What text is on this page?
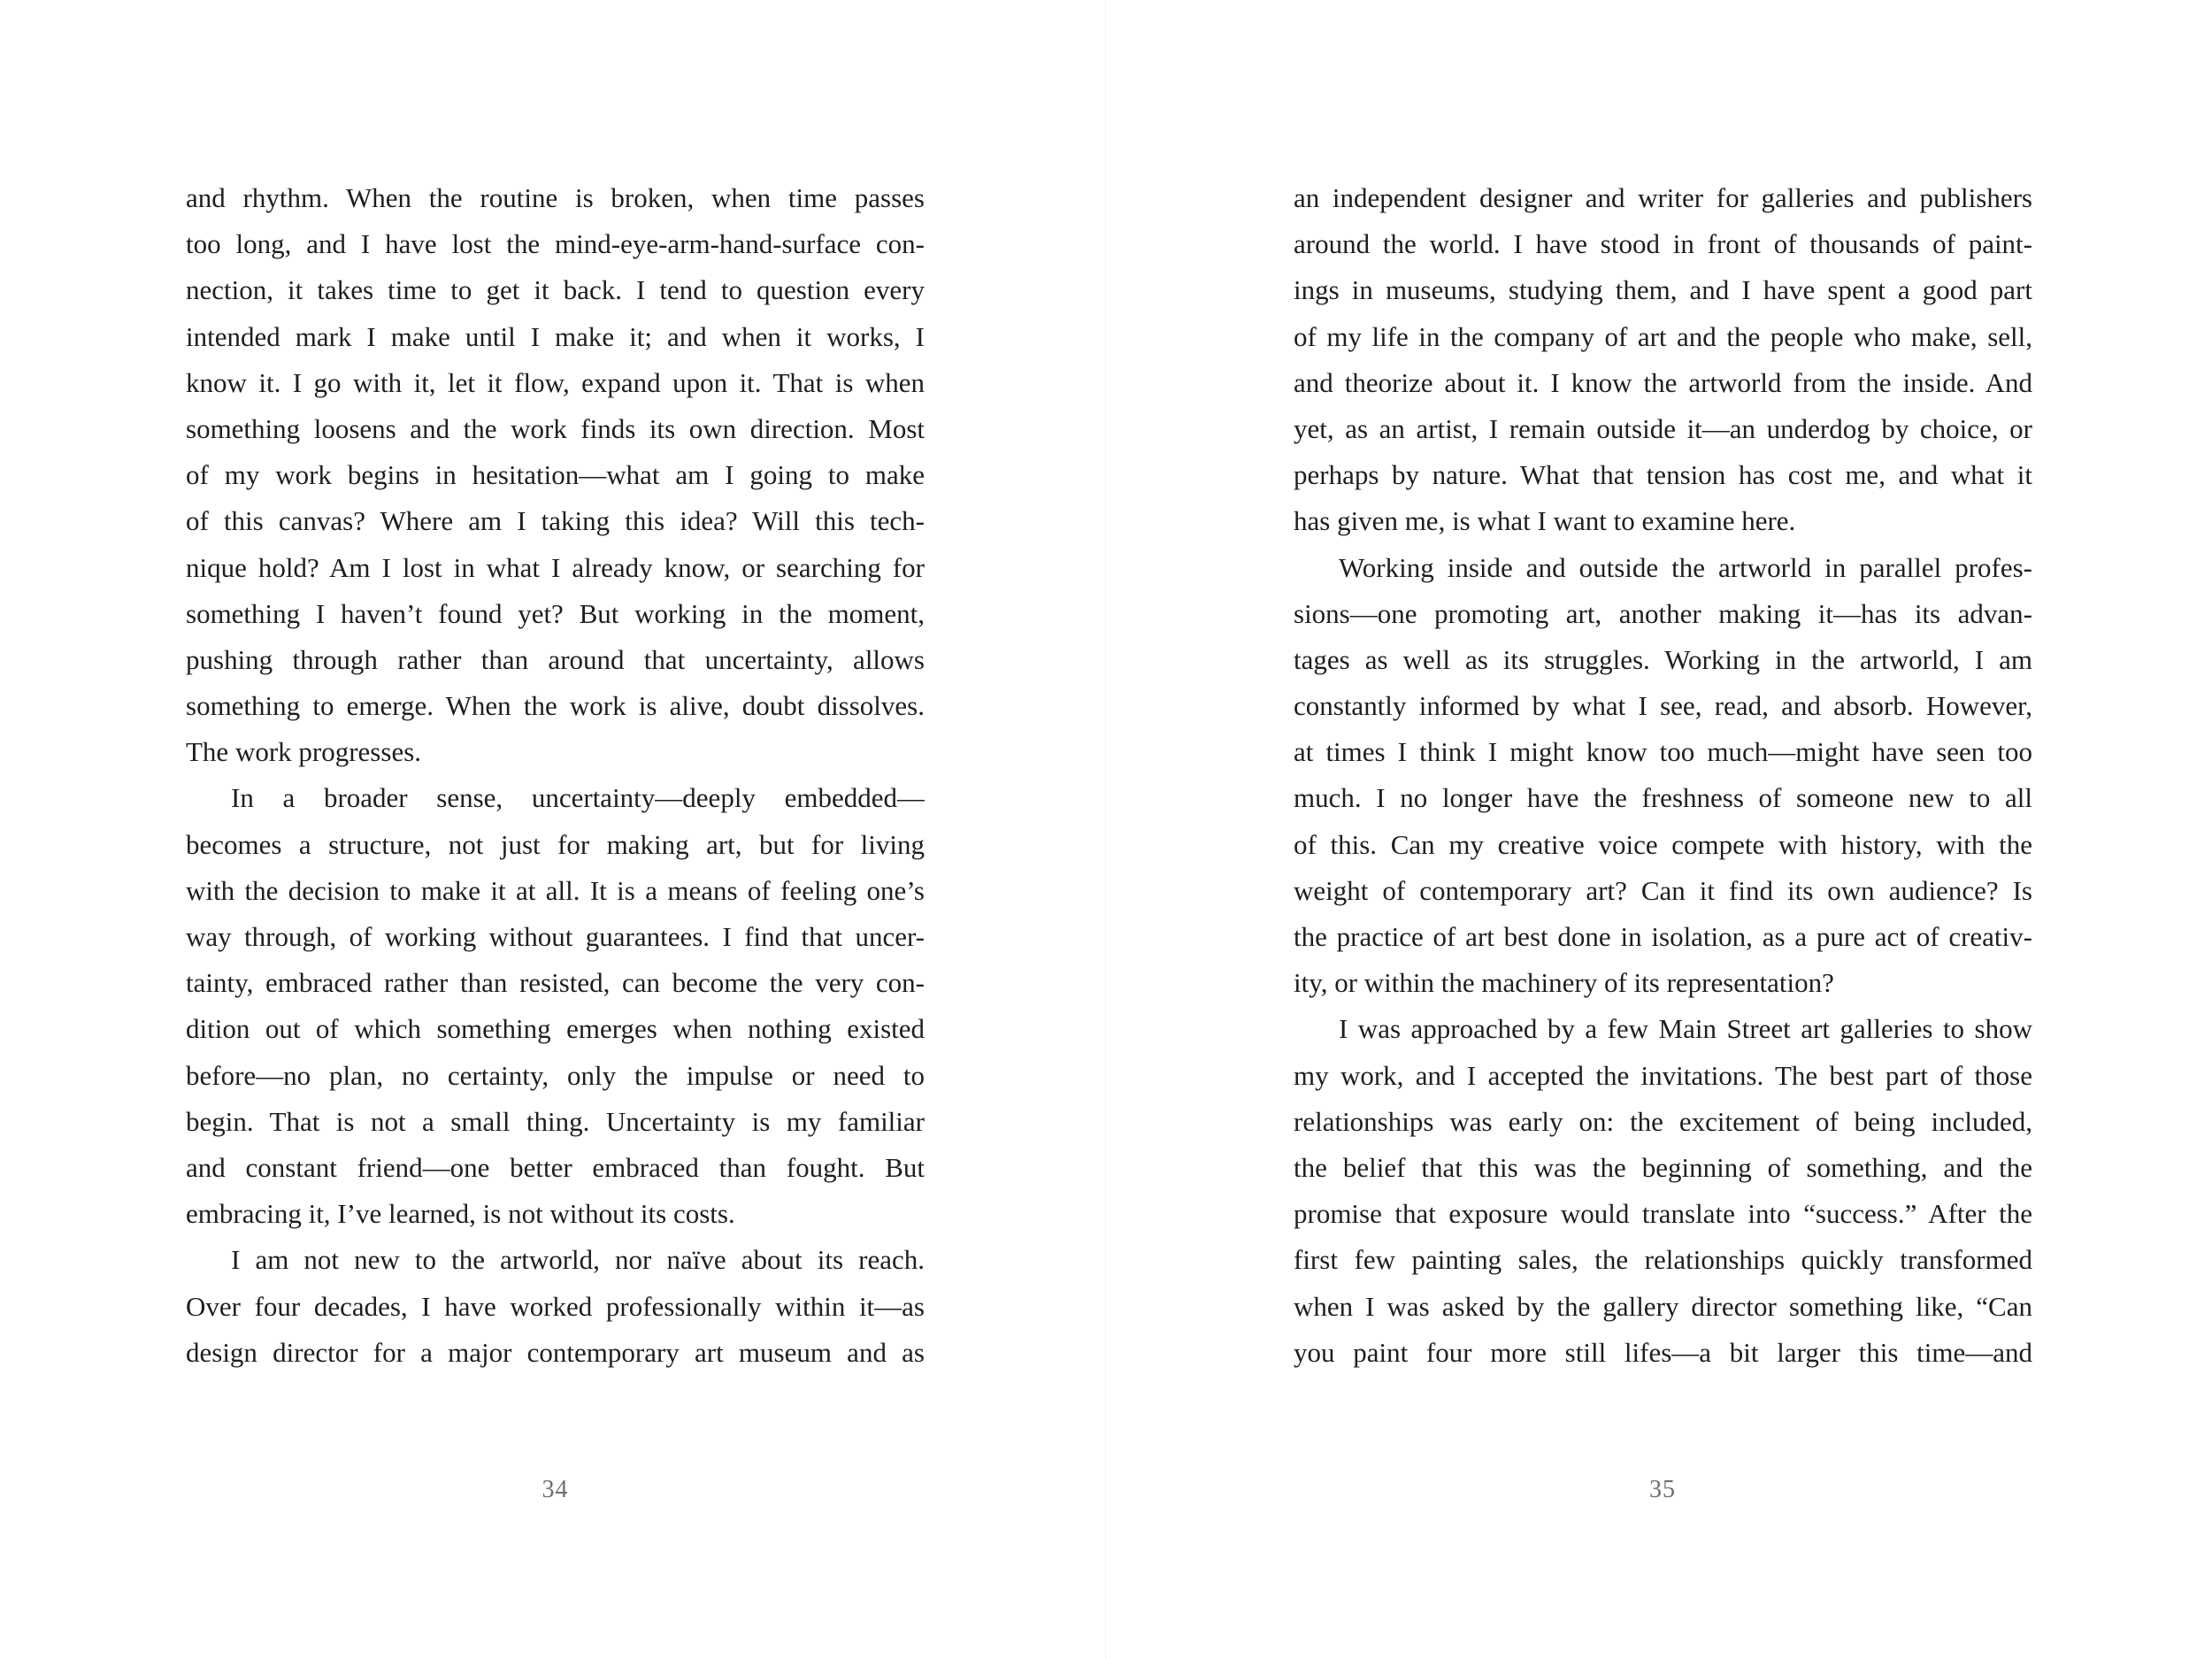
and rhythm. When the routine is broken, when time passes
too long, and I have lost the mind-eye-arm-hand-surface con-
nection, it takes time to get it back. I tend to question every
intended mark I make until I make it; and when it works, I
know it. I go with it, let it flow, expand upon it. That is when
something loosens and the work finds its own direction. Most
of my work begins in hesitation—what am I going to make
of this canvas? Where am I taking this idea? Will this tech-
nique hold? Am I lost in what I already know, or searching for
something I haven’t found yet? But working in the moment,
pushing through rather than around that uncertainty, allows
something to emerge. When the work is alive, doubt dissolves.
The work progresses.
In a broader sense, uncertainty—deeply embedded—
becomes a structure, not just for making art, but for living
with the decision to make it at all. It is a means of feeling one’s
way through, of working without guarantees. I find that uncer-
tainty, embraced rather than resisted, can become the very con-
dition out of which something emerges when nothing existed
before—no plan, no certainty, only the impulse or need to
begin. That is not a small thing. Uncertainty is my familiar
and constant friend—one better embraced than fought. But
embracing it, I’ve learned, is not without its costs.
I am not new to the artworld, nor naïve about its reach.
Over four decades, I have worked professionally within it—as
design director for a major contemporary art museum and as
34
an independent designer and writer for galleries and publishers
around the world. I have stood in front of thousands of paint-
ings in museums, studying them, and I have spent a good part
of my life in the company of art and the people who make, sell,
and theorize about it. I know the artworld from the inside. And
yet, as an artist, I remain outside it—an underdog by choice, or
perhaps by nature. What that tension has cost me, and what it
has given me, is what I want to examine here.
Working inside and outside the artworld in parallel profes-
sions—one promoting art, another making it—has its advan-
tages as well as its struggles. Working in the artworld, I am
constantly informed by what I see, read, and absorb. However,
at times I think I might know too much—might have seen too
much. I no longer have the freshness of someone new to all
of this. Can my creative voice compete with history, with the
weight of contemporary art? Can it find its own audience? Is
the practice of art best done in isolation, as a pure act of creativ-
ity, or within the machinery of its representation?
I was approached by a few Main Street art galleries to show
my work, and I accepted the invitations. The best part of those
relationships was early on: the excitement of being included,
the belief that this was the beginning of something, and the
promise that exposure would translate into “success.” After the
first few painting sales, the relationships quickly transformed
when I was asked by the gallery director something like, “Can
you paint four more still lifes—a bit larger this time—and
35
